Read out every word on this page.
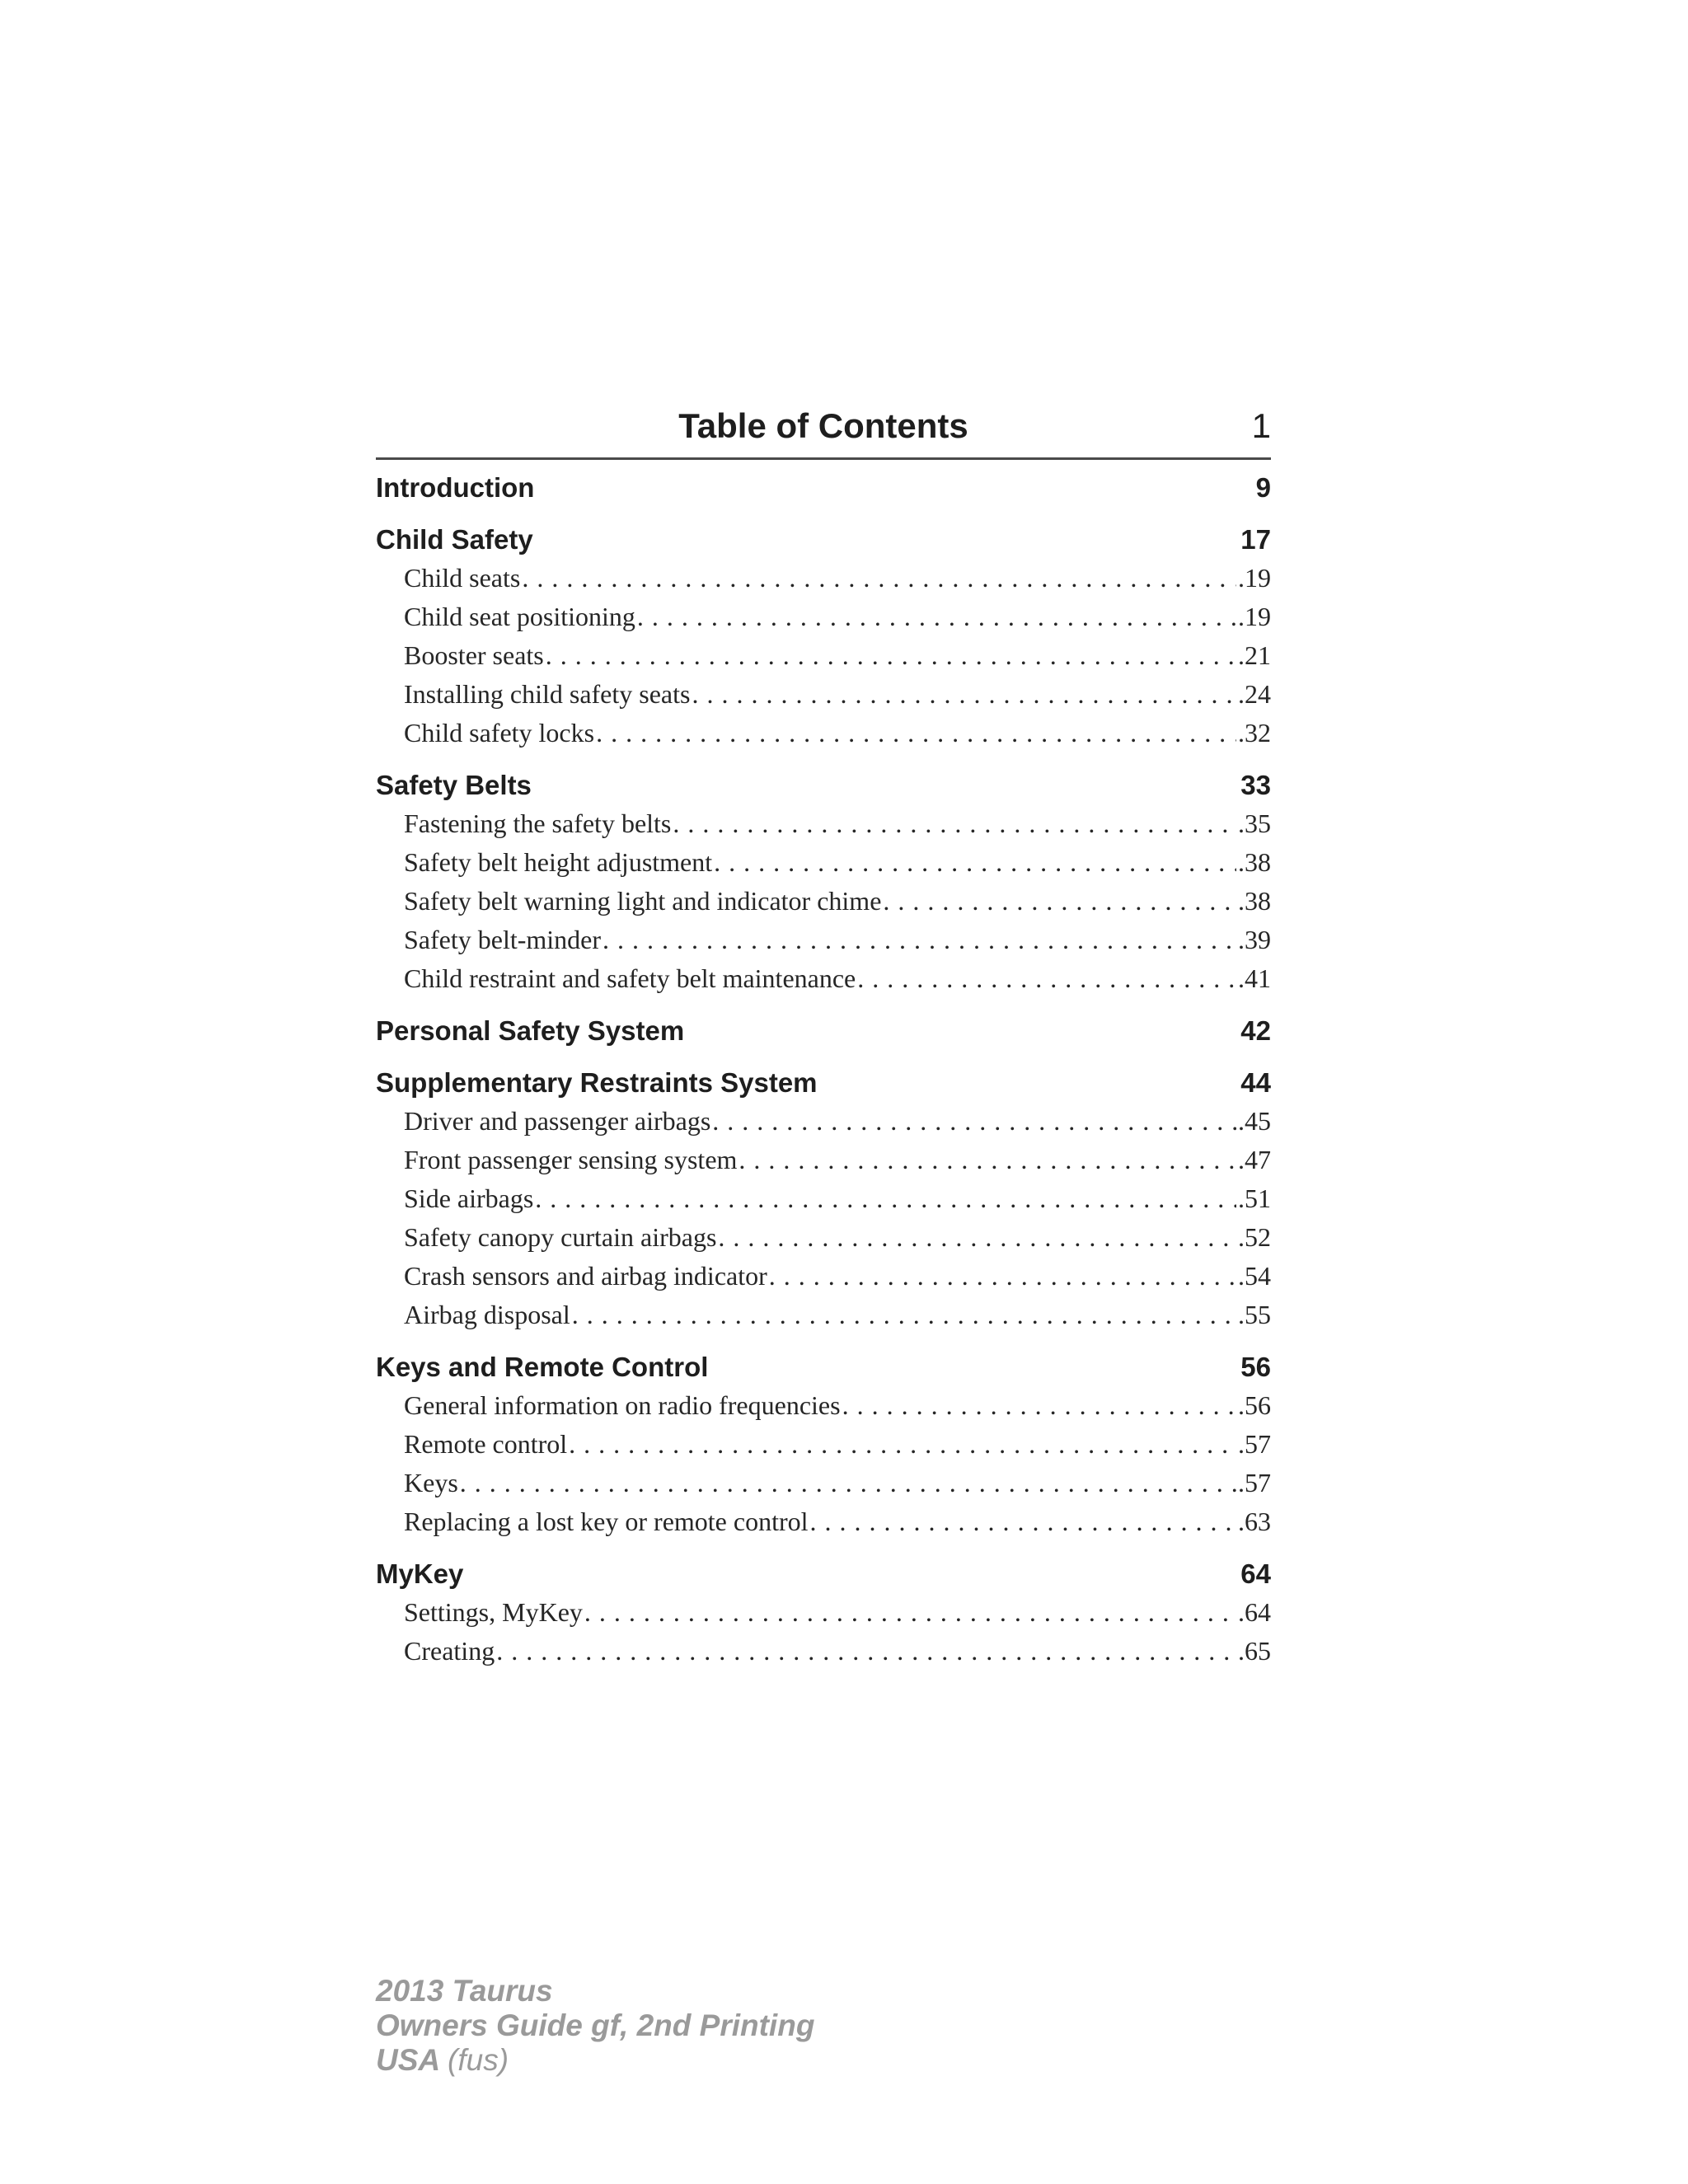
Table of Contents	1
Introduction	9
Child Safety	17
Child seats . . .	.19
Child seat positioning . . .	.19
Booster seats . . .	.21
Installing child safety seats . . .	.24
Child safety locks . . .	.32
Safety Belts	33
Fastening the safety belts . . .	.35
Safety belt height adjustment . . .	.38
Safety belt warning light and indicator chime . . .	.38
Safety belt-minder . . .	.39
Child restraint and safety belt maintenance . . .	.41
Personal Safety System	42
Supplementary Restraints System	44
Driver and passenger airbags . . .	.45
Front passenger sensing system . . .	.47
Side airbags . . .	.51
Safety canopy curtain airbags . . .	.52
Crash sensors and airbag indicator . . .	.54
Airbag disposal . . .	.55
Keys and Remote Control	56
General information on radio frequencies . . .	.56
Remote control . . .	.57
Keys . . .	.57
Replacing a lost key or remote control . . .	.63
MyKey	64
Settings, MyKey . . .	.64
Creating . . .	.65
2013 Taurus
Owners Guide gf, 2nd Printing
USA (fus)
